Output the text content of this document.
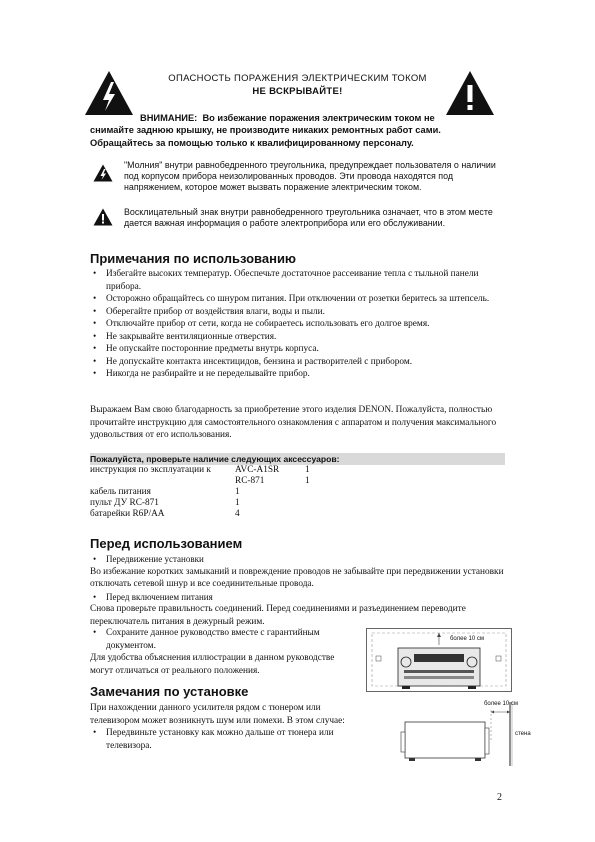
ОПАСНОСТЬ ПОРАЖЕНИЯ ЭЛЕКТРИЧЕСКИМ ТОКОМ
НЕ ВСКРЫВАЙТЕ!
ВНИМАНИЕ: Во избежание поражения электрическим током не
снимайте заднюю крышку, не производите никаких ремонтных работ сами. Обращайтесь за помощью только к квалифицированному персоналу.
"Молния" внутри равнобедренного треугольника, предупреждает пользователя о наличии под корпусом прибора неизолированных проводов. Эти провода находятся под напряжением, которое может вызвать поражение электрическим током.
Восклицательный знак внутри равнобедренного треугольника означает, что в этом месте дается важная информация о работе электроприбора или его обслуживании.
Примечания по использованию
• Избегайте высоких температур. Обеспечьте достаточное рассеивание тепла с тыльной панели прибора.
• Осторожно обращайтесь со шнуром питания. При отключении от розетки беритесь за штепсель.
• Оберегайте прибор от воздействия влаги, воды и пыли.
• Отключайте прибор от сети, когда не собираетесь использовать его долгое время.
• Не закрывайте вентиляционные отверстия.
• Не опускайте посторонние предметы внутрь корпуса.
• Не допускайте контакта инсектицидов, бензина и растворителей с прибором.
• Никогда не разбирайте и не переделывайте прибор.

Выражаем Вам свою благодарность за приобретение этого изделия DENON. Пожалуйста, полностью прочитайте инструкцию для самостоятельного ознакомления с аппаратом и получения максимального удовольствия от его использования.

Пожалуйста, проверьте наличие следующих аксессуаров:
инструкция по эксплуатации к	AVC-A1SR	1
	RC-871	1
кабель питания	1	
пульт ДУ RC-871	1	
батарейки R6P/AA	4	
Перед использованием
• Передвижение установки
Во избежание коротких замыканий и повреждение проводов не забывайте при передвижении установки отключать сетевой шнур и все соединительные провода.
• Перед включением питания
Снова проверьте правильность соединений. Перед соединениями и разъединением переводите переключатель питания в дежурный режим.
• Сохраните данное руководство вместе с гарантийным документом.
Для удобства объяснения иллюстрации в данном руководстве могут отличаться от реального положения.
Замечания по установке
При нахождении данного усилителя рядом с тюнером или телевизором может возникнуть шум или помехи. В этом случае:
• Передвиньте установку как можно дальше от тюнера или телевизора.
более 10 см
более 10 см
стена
2
